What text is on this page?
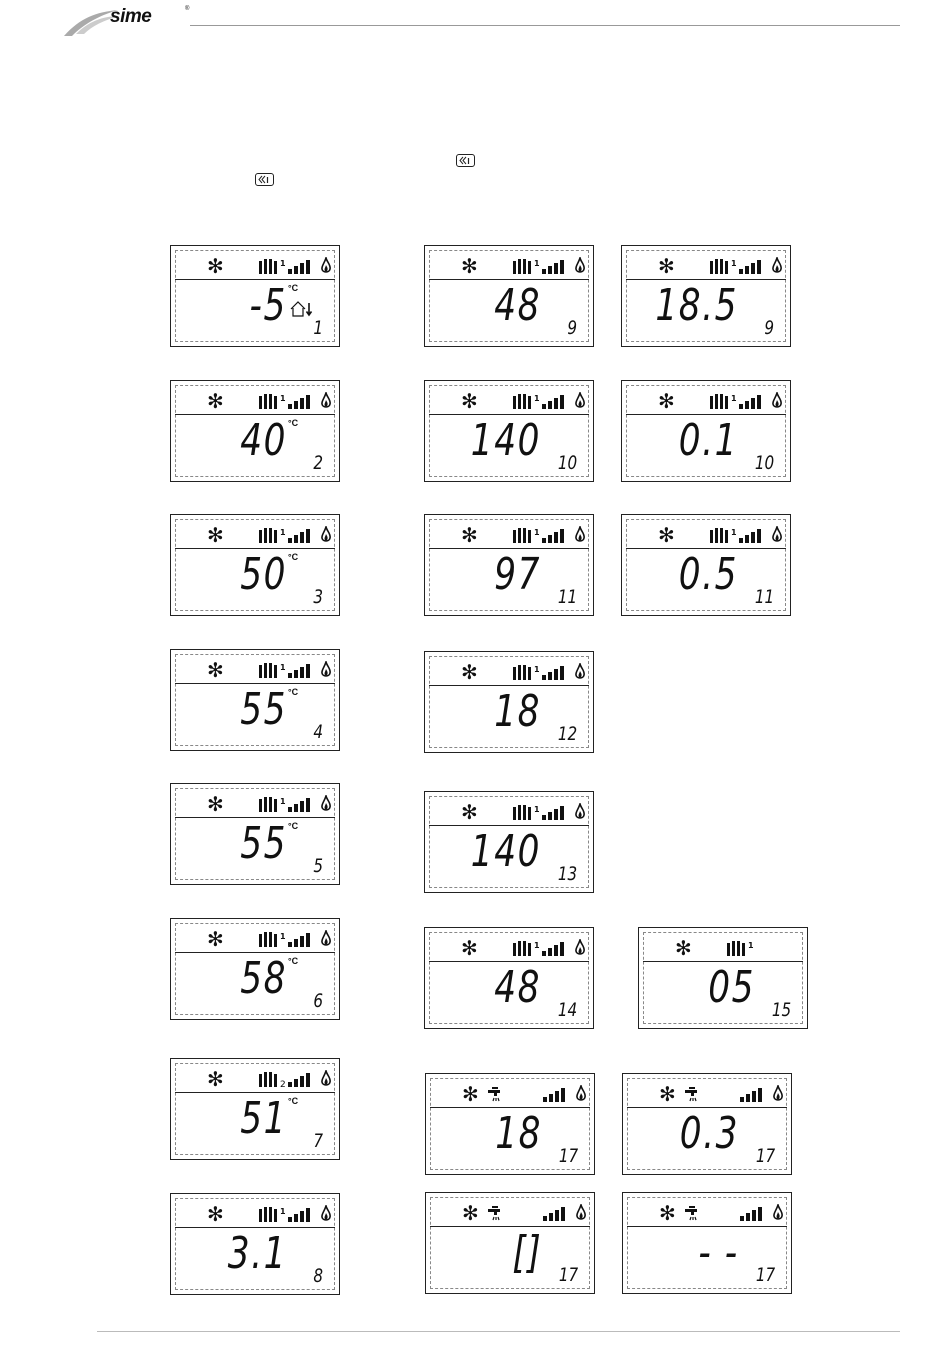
sime	®
✻	1
-5 °C
1
✻	1
40 °C
2
✻	1
50 °C
3
✻	1
55 °C
4
✻	1
55 °C
5
✻	1
58 °C
6
✻	2
51 °C
7
✻	1
3.1 8
✻	1
48 9
✻	1
18.5 9
✻	1
140 10
✻	1
0.1 10
✻	1
97 11
✻	1
0.5 11
✻	1
18 12
✻	1
140 13
✻	1
48 14
✻	1
05 15
✻
18 17
✻
0.3 17
✻
[] 17
✻
- - 17
